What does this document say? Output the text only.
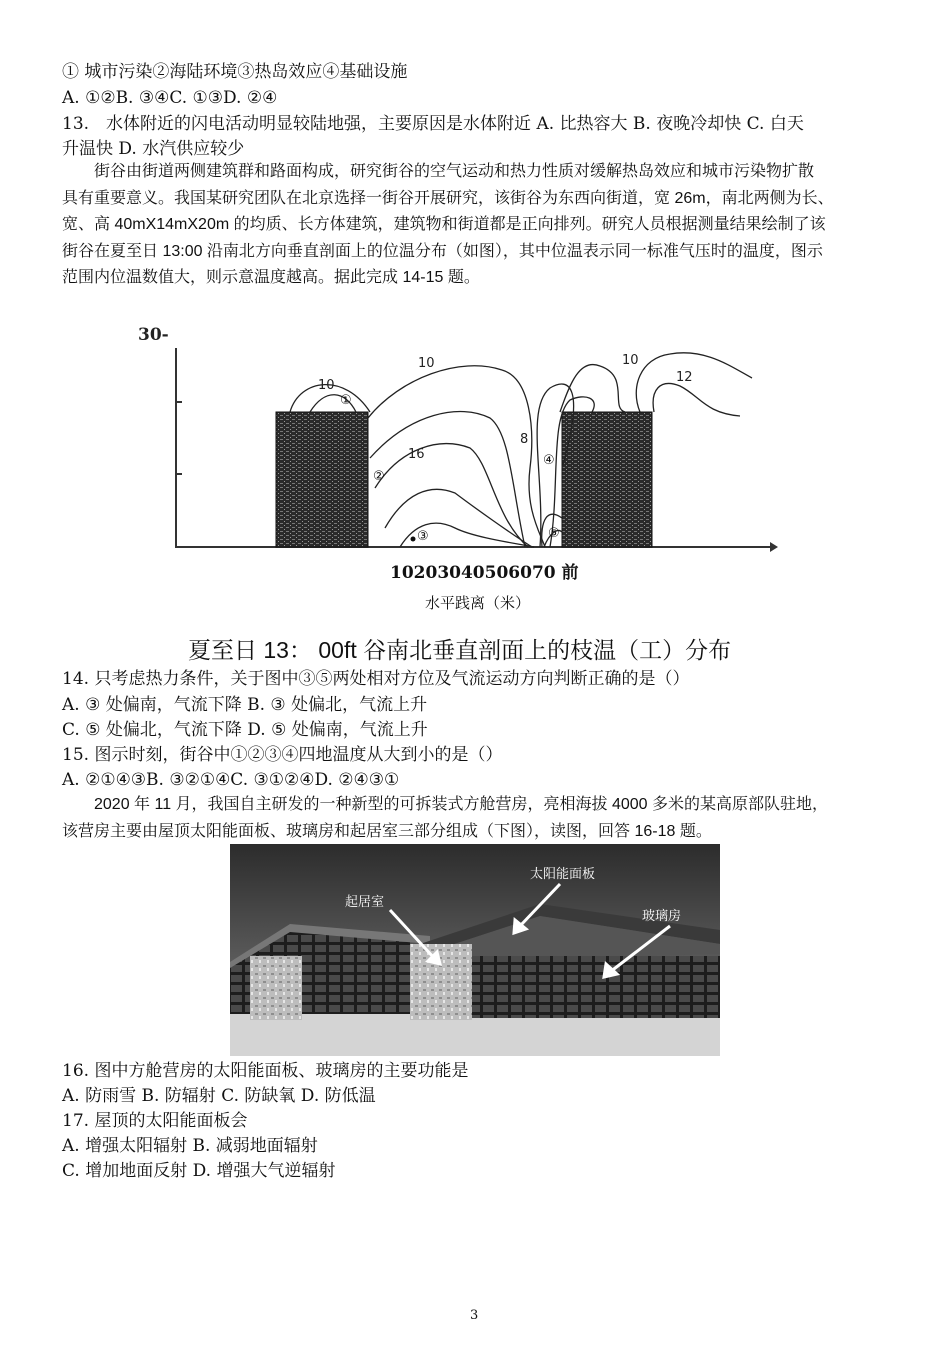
① 城市污染②海陆环境③热岛效应④基础设施
A. ①②B. ③④C. ①③D. ②④
13.　水体附近的闪电活动明显较陆地强，主要原因是水体附近 A. 比热容大 B. 夜晚冷却快 C. 白天
升温快 D. 水汽供应较少

街谷由街道两侧建筑群和路面构成，研究街谷的空气运动和热力性质对缓解热岛效应和城市污染物扩散

具有重要意义。我国某研究团队在北京选择一街谷开展研究，该街谷为东西向街道，宽 26m，南北两侧为长、

宽、高 40mX14mX20m 的均质、长方体建筑，建筑物和街道都是正向排列。研究人员根据测量结果绘制了该

街谷在夏至日 13:00 沿南北方向垂直剖面上的位温分布（如图），其中位温表示同一标准气压时的温度，图示

范围内位温数值大，则示意温度越高。据此完成 14-15 题。

30-
10
10	10
12
16
8
①
②
③
④
⑤
10203040506070 前
水平践离（米）
夏至日 13： 00ft 谷南北垂直剖面上的枝温（工）分布
14. 只考虑热力条件，关于图中③⑤两处相对方位及气流运动方向判断正确的是（）
A. ③ 处偏南，气流下降 B. ③ 处偏北，气流上升
C. ⑤ 处偏北，气流下降 D. ⑤ 处偏南，气流上升
15. 图示时刻，街谷中①②③④四地温度从大到小的是（）
A. ②①④③B. ③②①④C. ③①②④D. ②④③①

2020 年 11 月，我国自主研发的一种新型的可拆装式方舱营房，亮相海拔 4000 多米的某高原部队驻地，

该营房主要由屋顶太阳能面板、玻璃房和起居室三部分组成（下图），读图，回答 16-18 题。

起居室
太阳能面板
玻璃房
16. 图中方舱营房的太阳能面板、玻璃房的主要功能是
A. 防雨雪 B. 防辐射 C. 防缺氧 D. 防低温
17. 屋顶的太阳能面板会
A. 增强太阳辐射 B. 减弱地面辐射
C. 增加地面反射 D. 增强大气逆辐射
3
